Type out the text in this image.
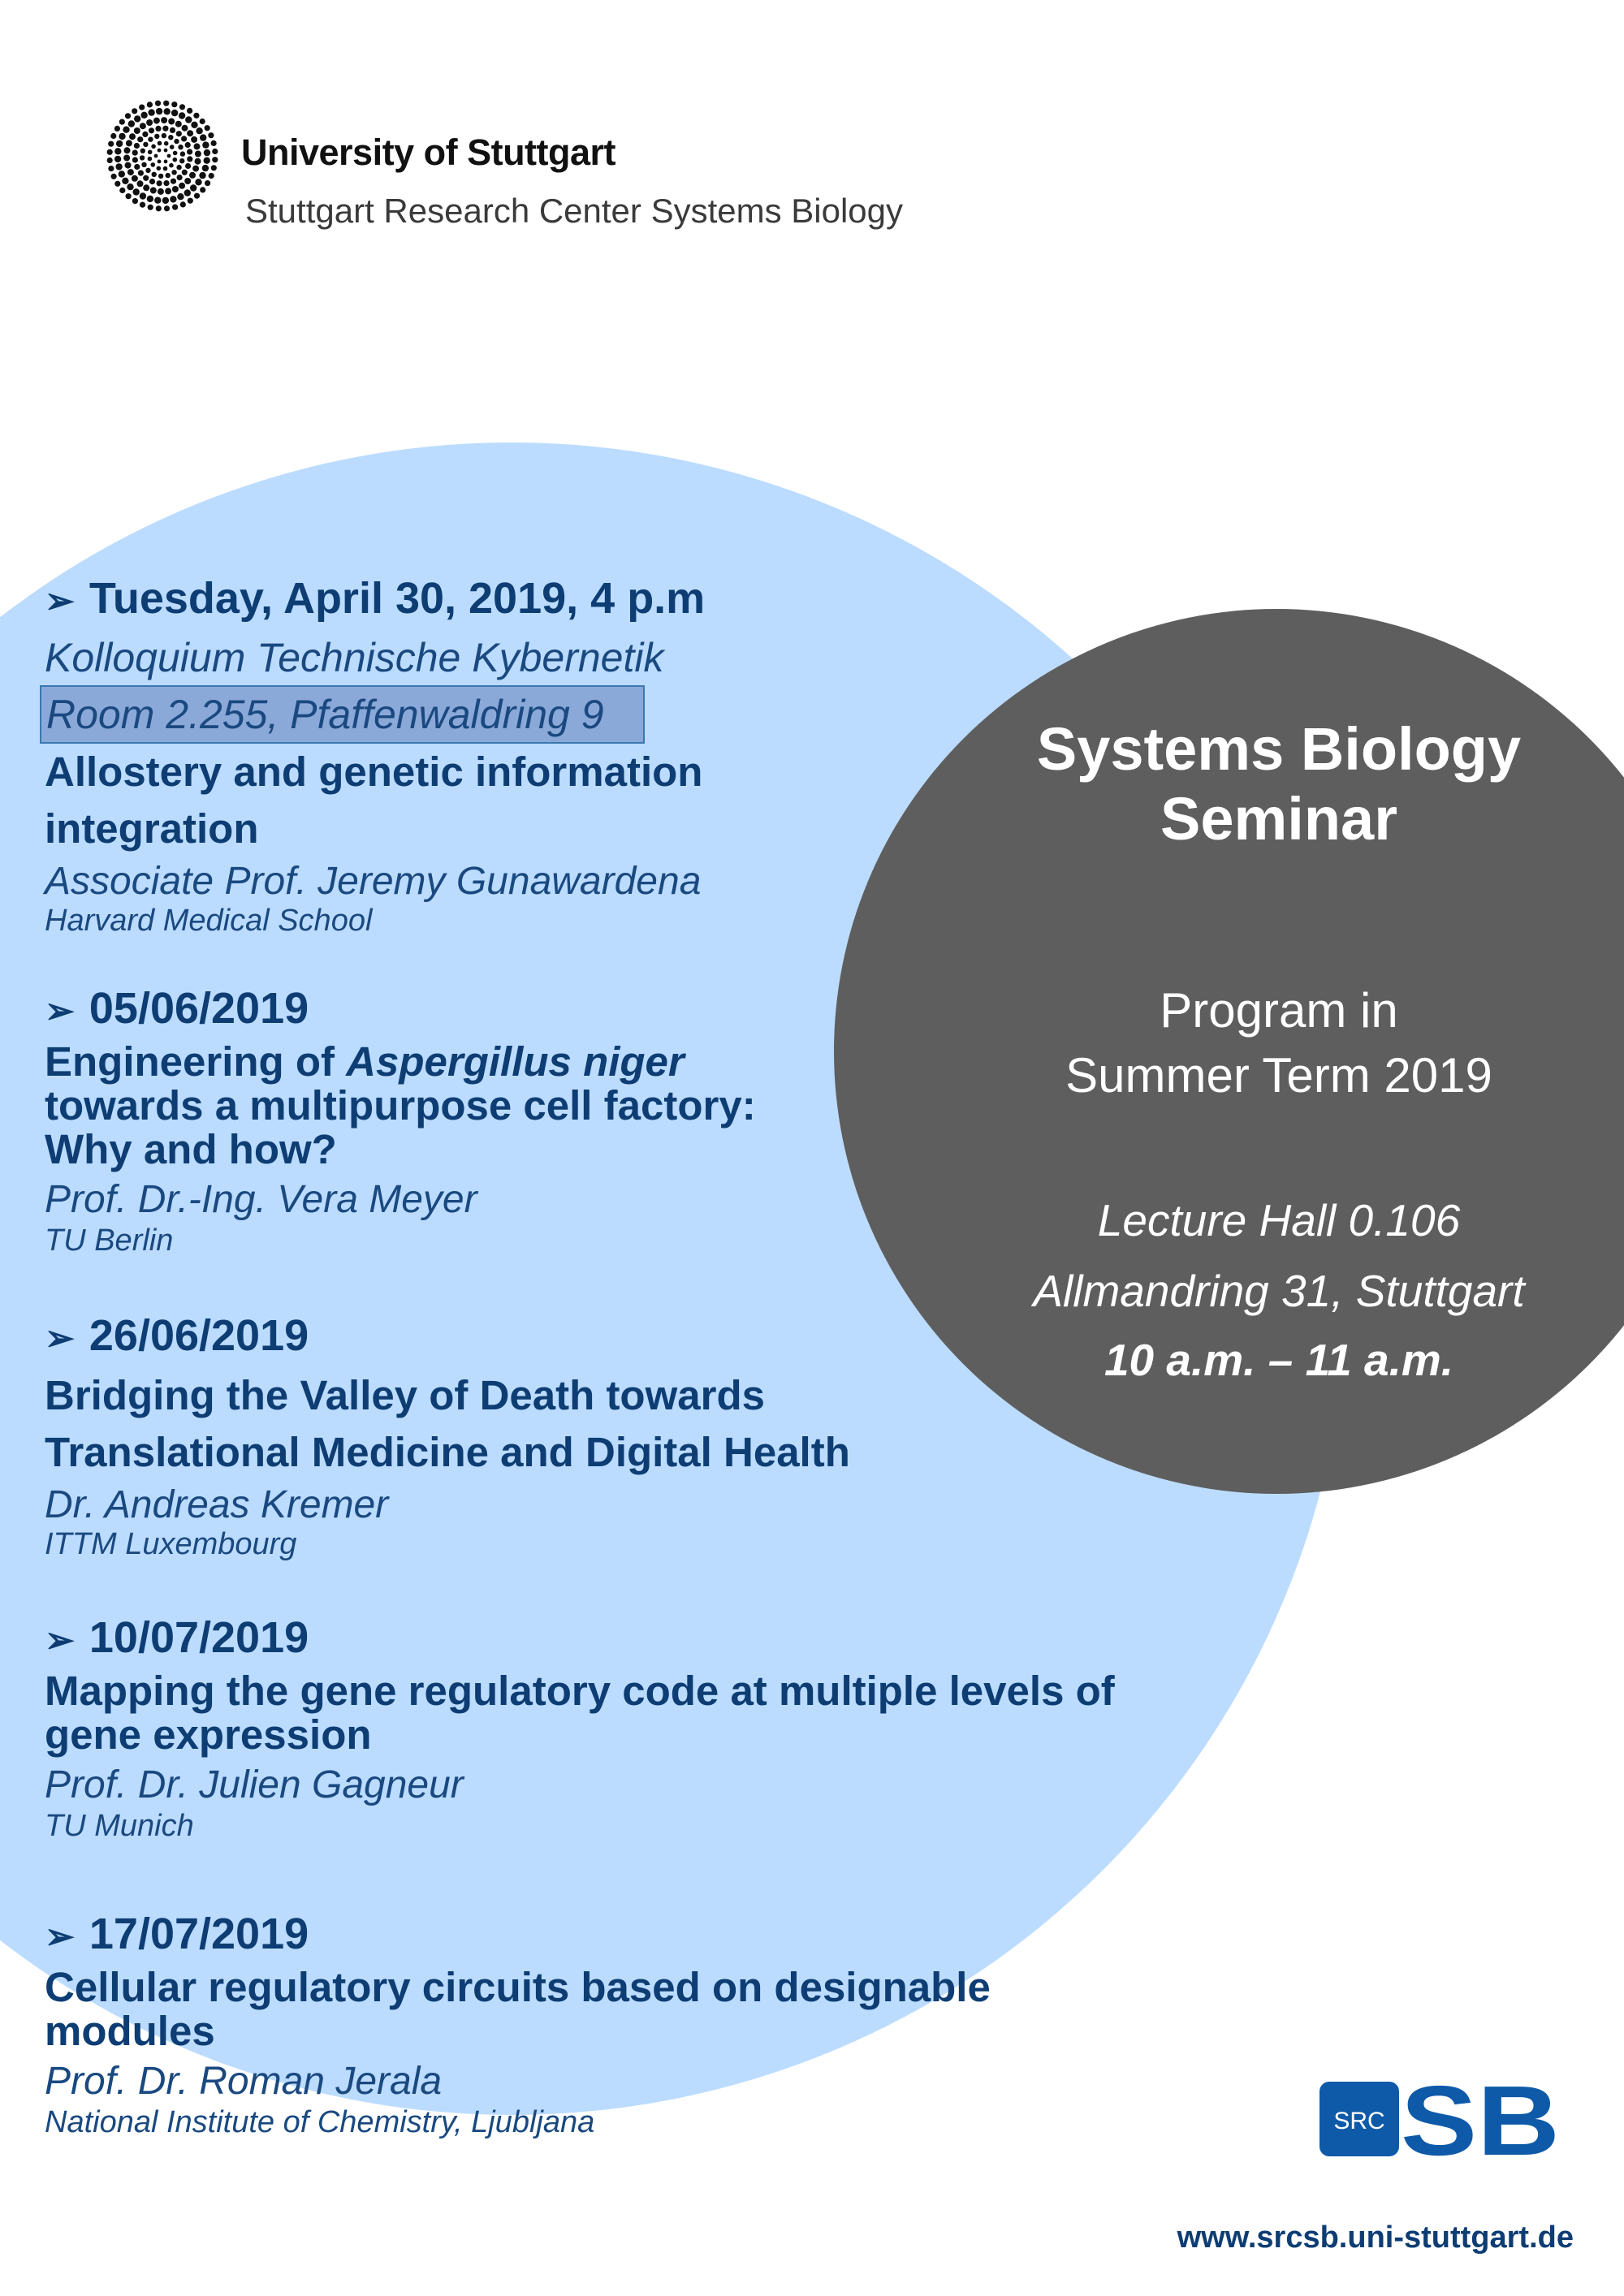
University of Stuttgart
Stuttgart Research Center Systems Biology
Systems Biology
Seminar
Program in
Summer Term 2019
Lecture Hall 0.106
Allmandring 31, Stuttgart
10 a.m. – 11 a.m.
➢ Tuesday, April 30, 2019, 4 p.m
Kolloquium Technische Kybernetik
Room 2.255, Pfaffenwaldring 9
Allostery and genetic information
integration
Associate Prof. Jeremy Gunawardena
Harvard Medical School
➢ 05/06/2019
Engineering of Aspergillus niger
towards a multipurpose cell factory:
Why and how?
Prof. Dr.-Ing. Vera Meyer
TU Berlin
➢ 26/06/2019
Bridging the Valley of Death towards
Translational Medicine and Digital Health
Dr. Andreas Kremer
ITTM Luxembourg
➢ 10/07/2019
Mapping the gene regulatory code at multiple levels of
gene expression
Prof. Dr. Julien Gagneur
TU Munich
➢ 17/07/2019
Cellular regulatory circuits based on designable
modules
Prof. Dr. Roman Jerala
National Institute of Chemistry, Ljubljana	SRC SB
www.srcsb.uni-stuttgart.de
